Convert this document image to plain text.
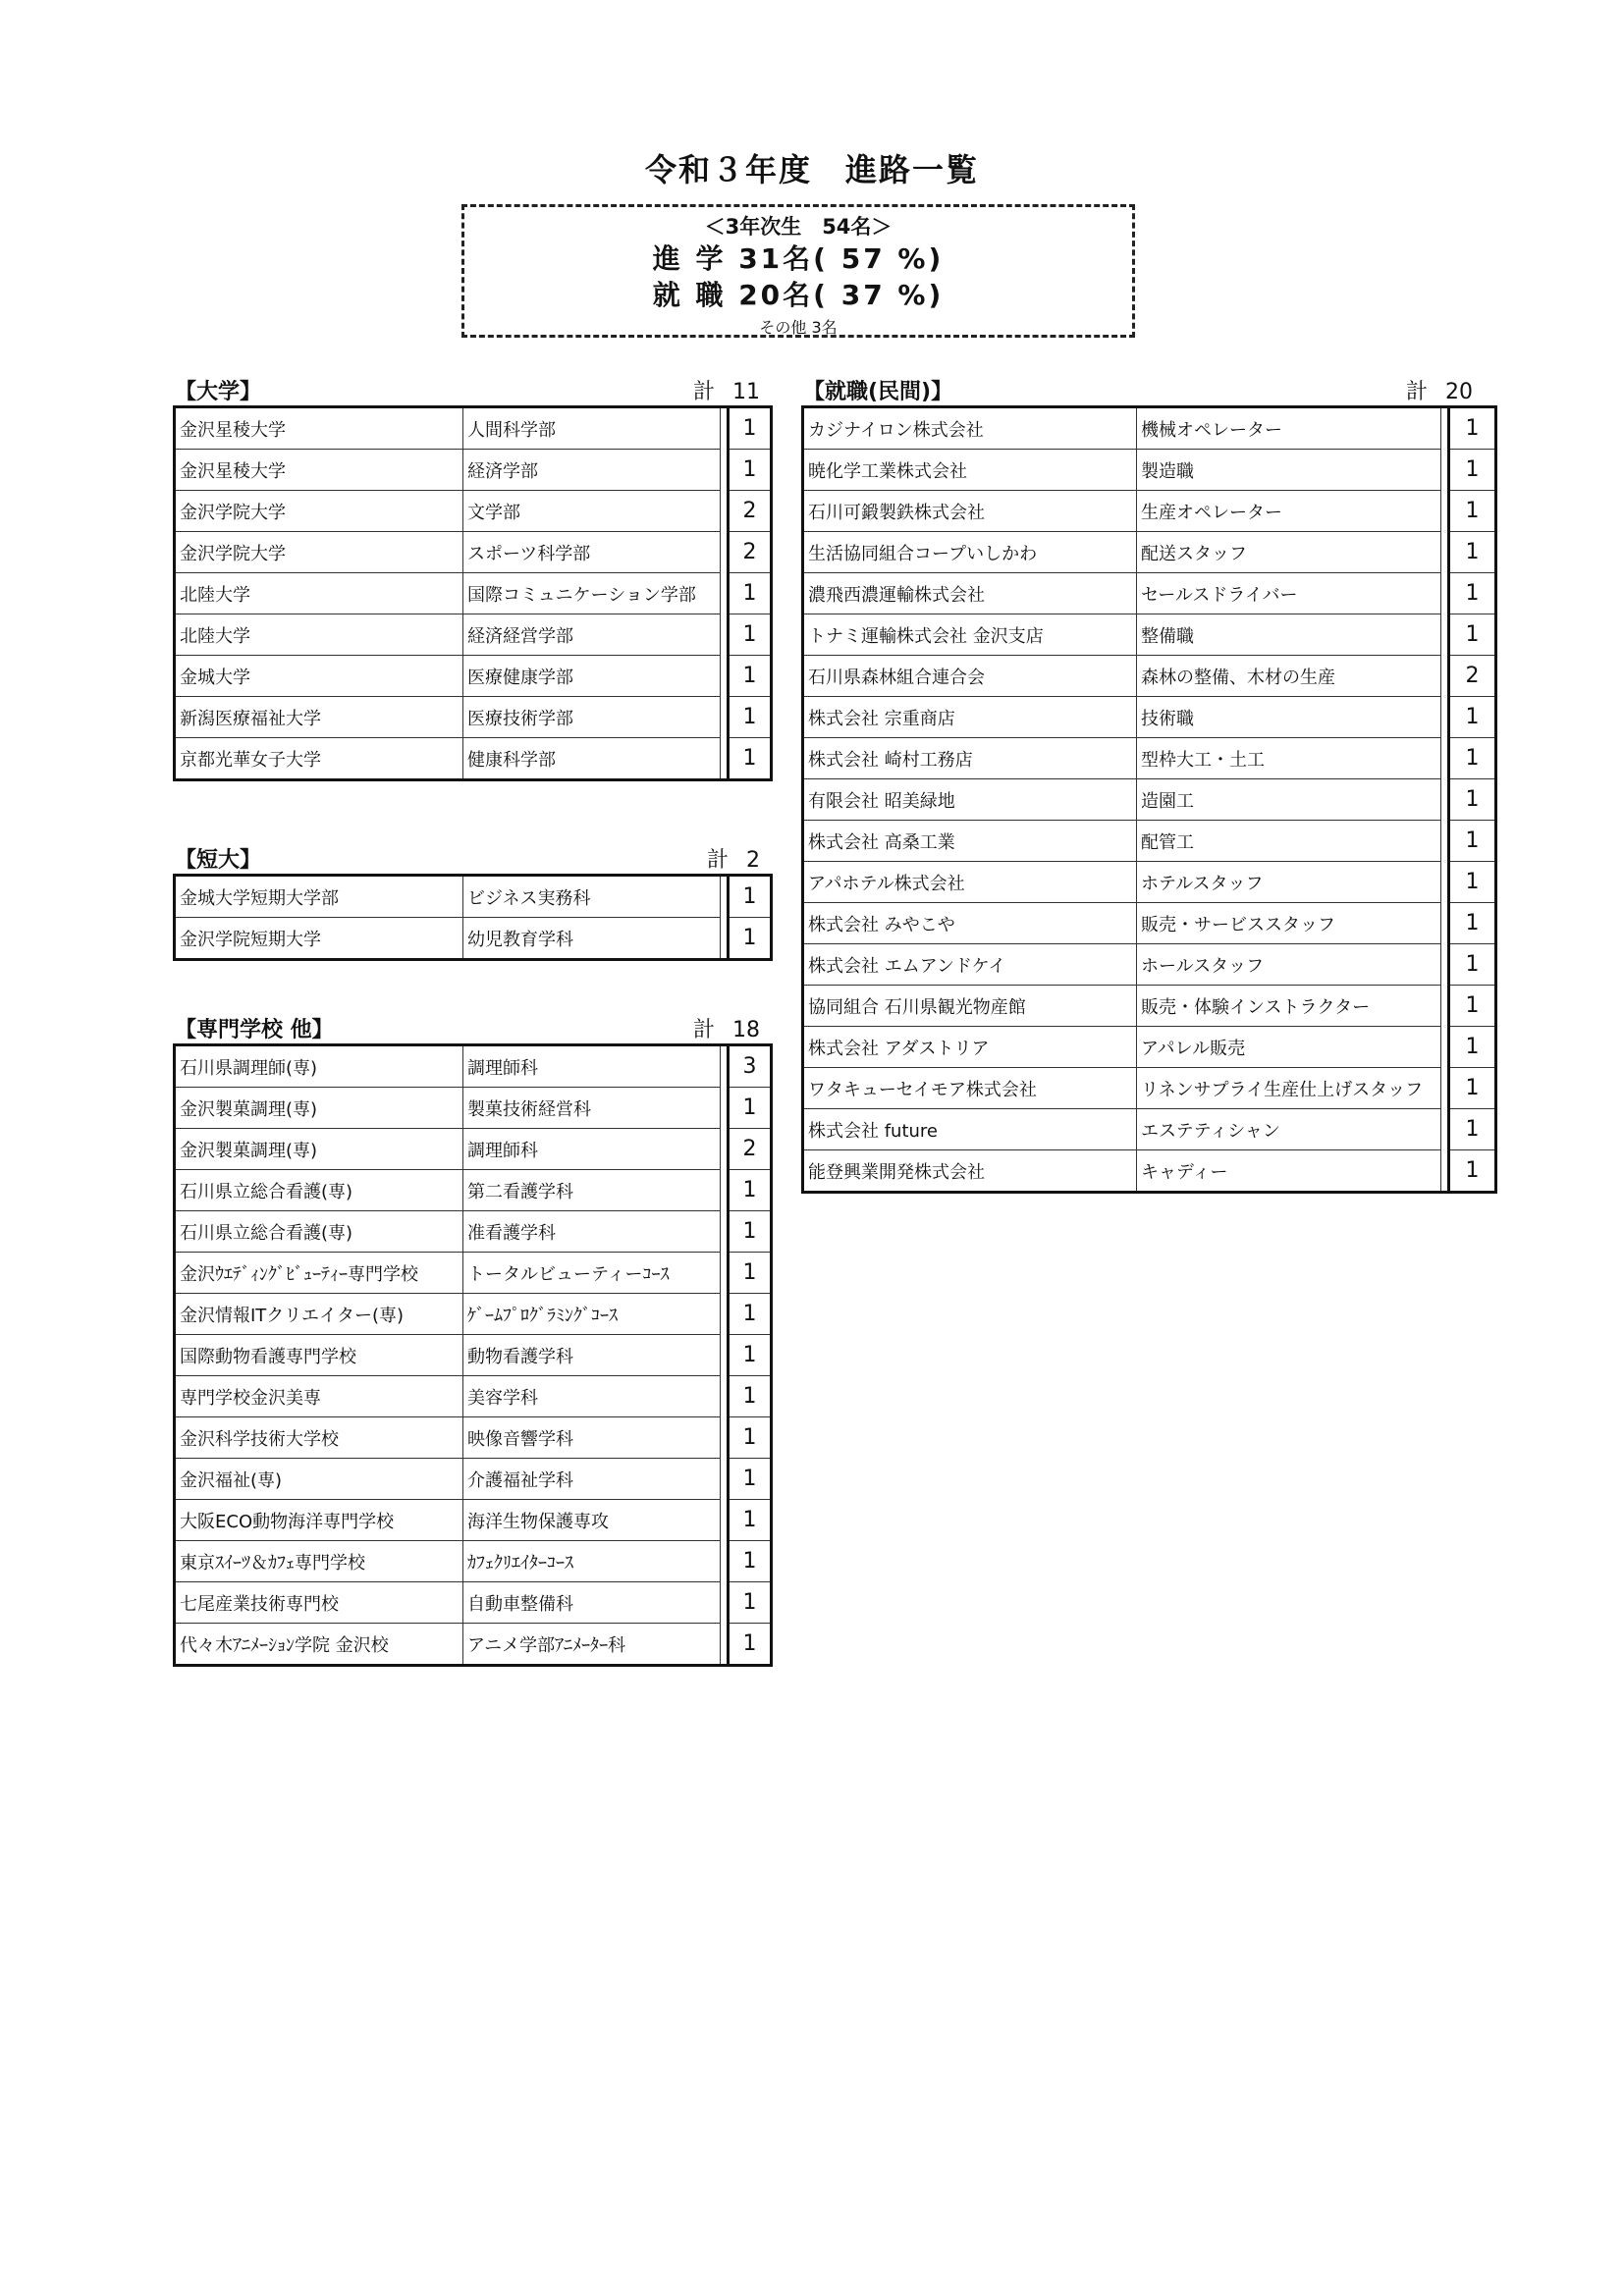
令和３年度　進路一覧
＜3年次生　54名＞
進 学 31名( 57 %)
就 職 20名( 37 %)
その他 3名
【大学】	計 11
金沢星稜大学	人間科学部		1
金沢星稜大学	経済学部		1
金沢学院大学	文学部		2
金沢学院大学	スポーツ科学部		2
北陸大学	国際コミュニケーション学部		1
北陸大学	経済経営学部		1
金城大学	医療健康学部		1
新潟医療福祉大学	医療技術学部		1
京都光華女子大学	健康科学部		1
【短大】	計 2
金城大学短期大学部	ビジネス実務科		1
金沢学院短期大学	幼児教育学科		1
【専門学校 他】	計 18
石川県調理師(専)	調理師科		3
金沢製菓調理(専)	製菓技術経営科		1
金沢製菓調理(専)	調理師科		2
石川県立総合看護(専)	第二看護学科		1
石川県立総合看護(専)	准看護学科		1
金沢ｳｴﾃﾞｨﾝｸﾞﾋﾞｭｰﾃｨｰ専門学校	トータルビューティーｺｰｽ		1
金沢情報ITクリエイター(専)	ｹﾞｰﾑﾌﾟﾛｸﾞﾗﾐﾝｸﾞｺｰｽ		1
国際動物看護専門学校	動物看護学科		1
専門学校金沢美専	美容学科		1
金沢科学技術大学校	映像音響学科		1
金沢福祉(専)	介護福祉学科		1
大阪ECO動物海洋専門学校	海洋生物保護専攻		1
東京ｽｲｰﾂ＆ｶﾌｪ専門学校	ｶﾌｪｸﾘｴｲﾀｰｺｰｽ		1
七尾産業技術専門校	自動車整備科		1
代々木ｱﾆﾒｰｼｮﾝ学院 金沢校	アニメ学部ｱﾆﾒｰﾀｰ科		1
【就職(民間)】	計 20
カジナイロン株式会社	機械オペレーター		1
暁化学工業株式会社	製造職		1
石川可鍛製鉄株式会社	生産オペレーター		1
生活協同組合コープいしかわ	配送スタッフ		1
濃飛西濃運輸株式会社	セールスドライバー		1
トナミ運輸株式会社 金沢支店	整備職		1
石川県森林組合連合会	森林の整備、木材の生産		2
株式会社 宗重商店	技術職		1
株式会社 崎村工務店	型枠大工・土工		1
有限会社 昭美緑地	造園工		1
株式会社 高桑工業	配管工		1
アパホテル株式会社	ホテルスタッフ		1
株式会社 みやこや	販売・サービススタッフ		1
株式会社 エムアンドケイ	ホールスタッフ		1
協同組合 石川県観光物産館	販売・体験インストラクター		1
株式会社 アダストリア	アパレル販売		1
ワタキューセイモア株式会社	リネンサプライ生産仕上げスタッフ		1
株式会社 future	エステティシャン		1
能登興業開発株式会社	キャディー		1
